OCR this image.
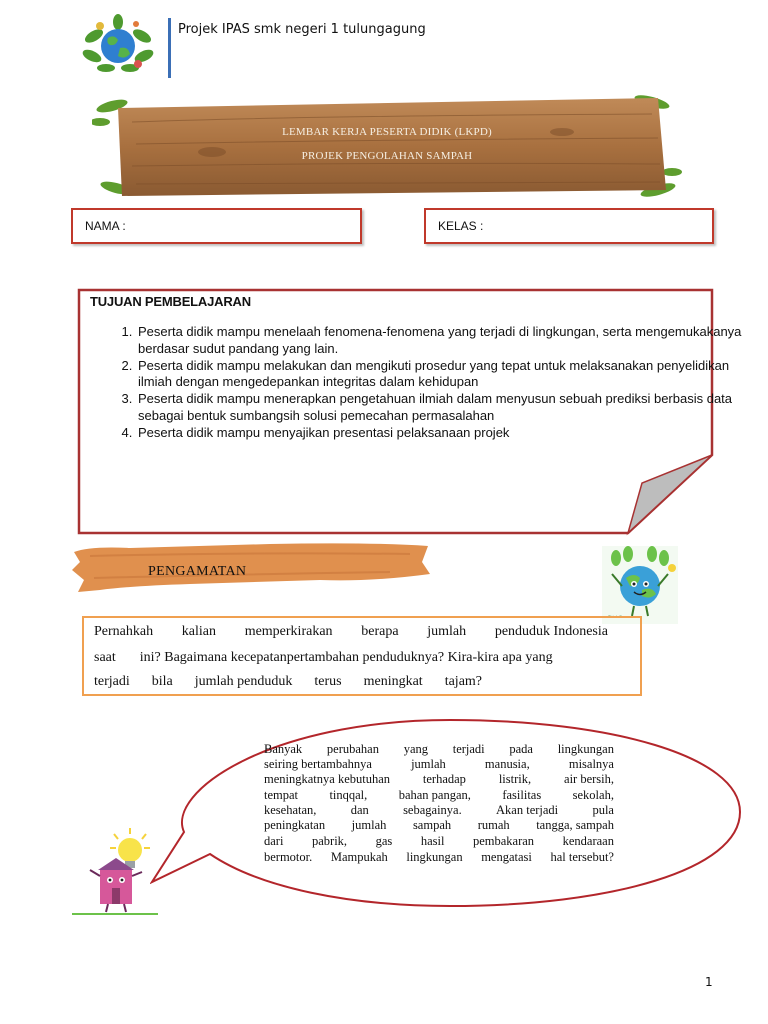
Projek IPAS smk negeri 1 tulungagung
LEMBAR KERJA PESERTA DIDIK (LKPD)
PROJEK PENGOLAHAN SAMPAH
NAMA :	KELAS :
TUJUAN PEMBELAJARAN
1. Peserta didik mampu menelaah fenomena-fenomena yang terjadi di lingkungan, serta mengemukakanya berdasar sudut pandang yang lain.
2. Peserta didik mampu melakukan dan mengikuti prosedur yang tepat untuk melaksanakan penyelidikan ilmiah dengan mengedepankan integritas dalam kehidupan
3. Peserta didik mampu menerapkan pengetahuan ilmiah dalam menyusun sebuah prediksi berbasis data sebagai bentuk sumbangsih solusi pemecahan permasalahan
4. Peserta didik mampu menyajikan presentasi pelaksanaan projek
PENGAMATAN
Think Green
Pernahkah kalian memperkirakan berapa jumlah penduduk Indonesia
saat ini? Bagaimana kecepatanpertambahan penduduknya? Kira-kira apa yang
terjadi bila jumlah penduduk terus meningkat tajam?
Banyak perubahan yang terjadi pada lingkungan
seiring bertambahnya	jumlah	manusia,	misalnya
meningkatnya kebutuhan	terhadap	listrik,	air bersih,
tempat	tinqqal,	bahan pangan,	fasilitas	sekolah,
kesehatan,	dan	sebagainya.	Akan terjadi	pula
peningkatan jumlah sampah rumah tangga, sampah
dari pabrik, gas hasil pembakaran kendaraan
bermotor. Mampukah lingkungan mengatasi hal tersebut?
1
